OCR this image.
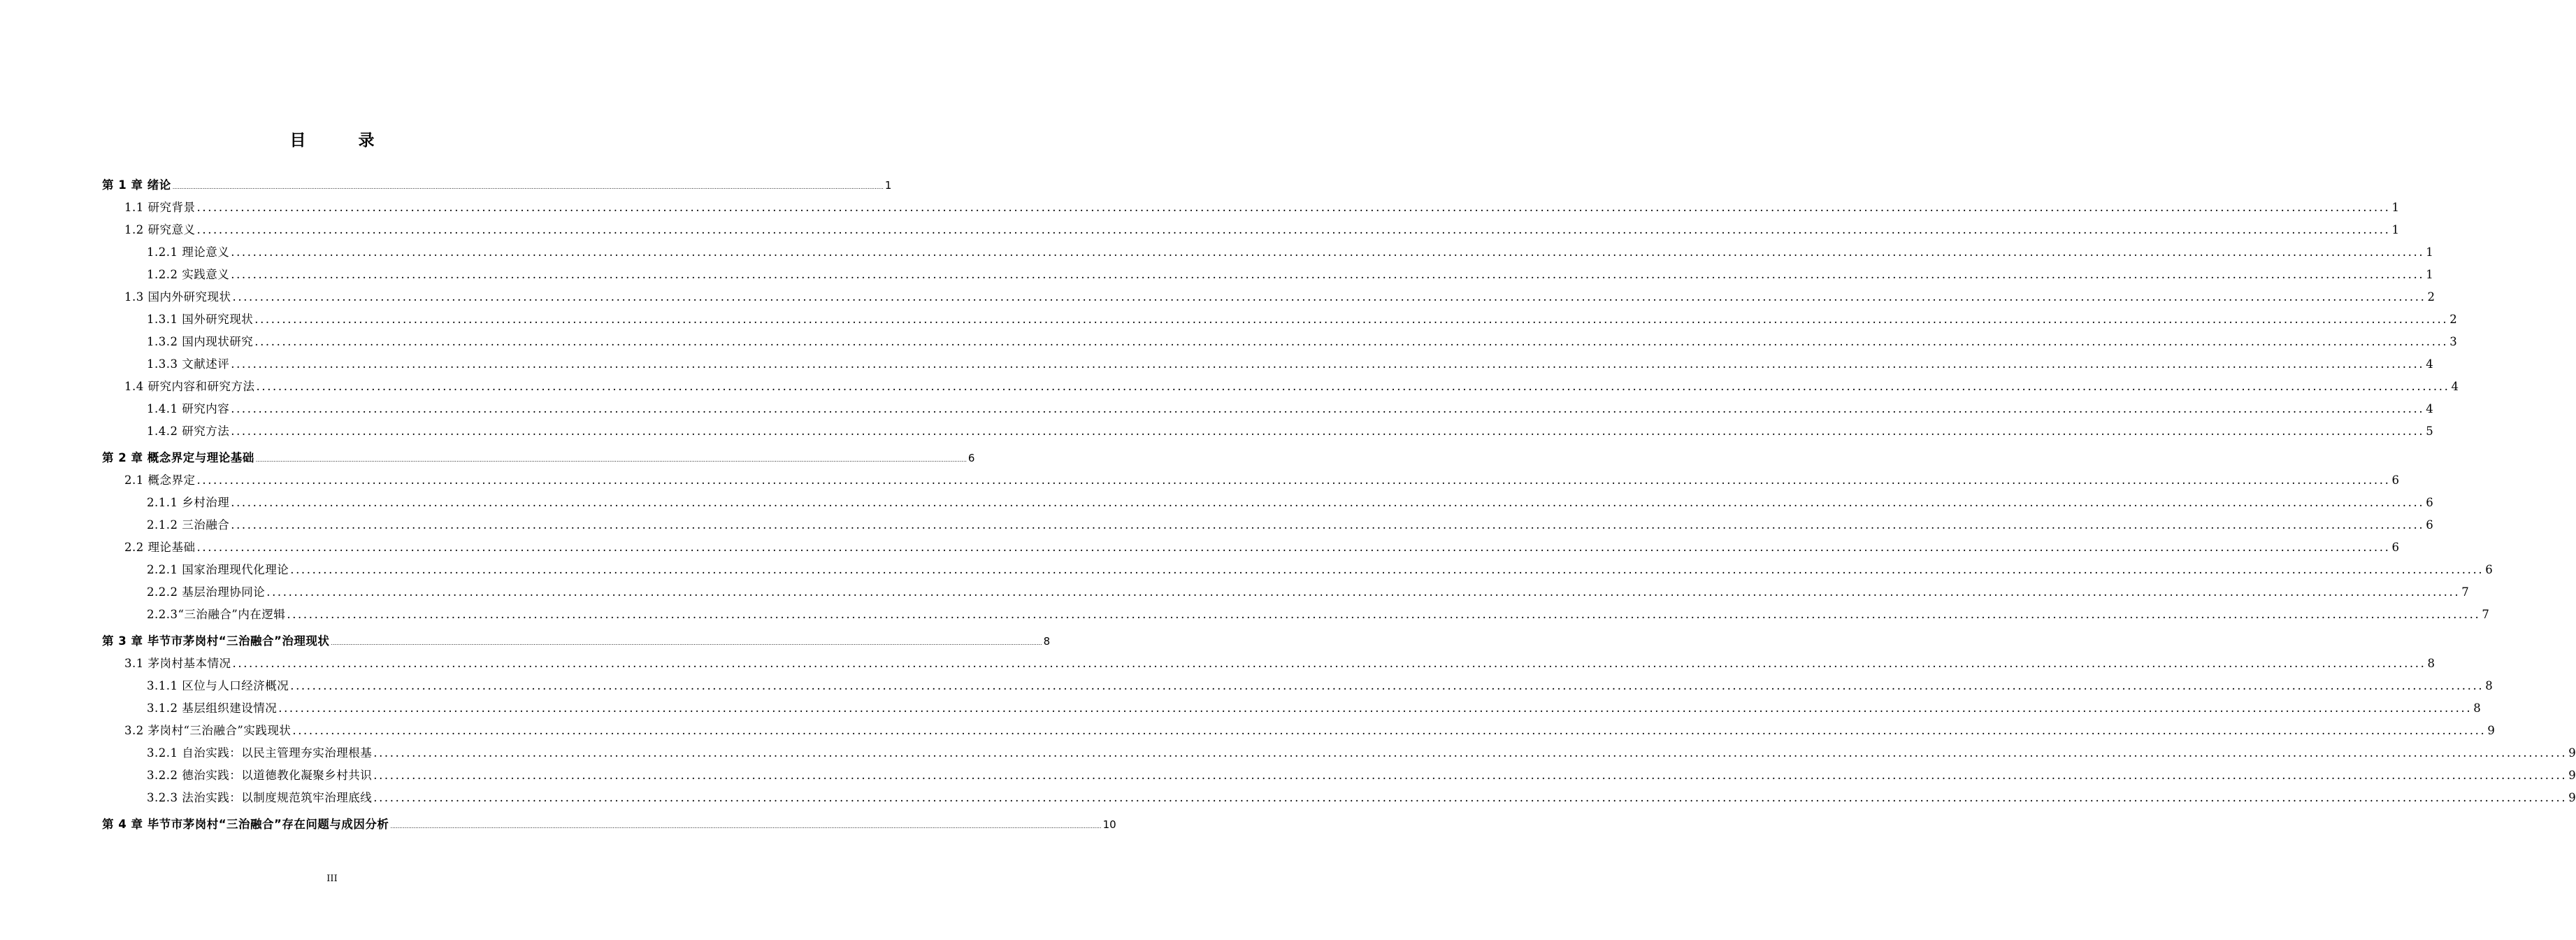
目　录
第 1 章 绪论 ................................................................................................................................................................................................................................................................................................................................................................................................................ 1
1.1 研究背景 ................................................................................................................................................................................................................................................................................................................................................................................................................ 1
1.2 研究意义 ................................................................................................................................................................................................................................................................................................................................................................................................................ 1
1.2.1 理论意义 ................................................................................................................................................................................................................................................................................................................................................................................................................ 1
1.2.2 实践意义 ................................................................................................................................................................................................................................................................................................................................................................................................................ 1
1.3 国内外研究现状 ................................................................................................................................................................................................................................................................................................................................................................................................................ 2
1.3.1 国外研究现状 ................................................................................................................................................................................................................................................................................................................................................................................................................ 2
1.3.2 国内现状研究 ................................................................................................................................................................................................................................................................................................................................................................................................................ 3
1.3.3 文献述评 ................................................................................................................................................................................................................................................................................................................................................................................................................ 4
1.4 研究内容和研究方法 ................................................................................................................................................................................................................................................................................................................................................................................................................ 4
1.4.1 研究内容 ................................................................................................................................................................................................................................................................................................................................................................................................................ 4
1.4.2 研究方法 ................................................................................................................................................................................................................................................................................................................................................................................................................ 5
第 2 章 概念界定与理论基础 ................................................................................................................................................................................................................................................................................................................................................................................................................ 6
2.1 概念界定 ................................................................................................................................................................................................................................................................................................................................................................................................................ 6
2.1.1 乡村治理 ................................................................................................................................................................................................................................................................................................................................................................................................................ 6
2.1.2 三治融合 ................................................................................................................................................................................................................................................................................................................................................................................................................ 6
2.2 理论基础 ................................................................................................................................................................................................................................................................................................................................................................................................................ 6
2.2.1 国家治理现代化理论 ................................................................................................................................................................................................................................................................................................................................................................................................................ 6
2.2.2 基层治理协同论 ................................................................................................................................................................................................................................................................................................................................................................................................................ 7
2.2.3“三治融合”内在逻辑 ................................................................................................................................................................................................................................................................................................................................................................................................................ 7
第 3 章 毕节市茅岗村“三治融合”治理现状 ................................................................................................................................................................................................................................................................................................................................................................................................................ 8
3.1 茅岗村基本情况 ................................................................................................................................................................................................................................................................................................................................................................................................................ 8
3.1.1 区位与人口经济概况 ................................................................................................................................................................................................................................................................................................................................................................................................................ 8
3.1.2 基层组织建设情况 ................................................................................................................................................................................................................................................................................................................................................................................................................ 8
3.2 茅岗村“三治融合”实践现状 ................................................................................................................................................................................................................................................................................................................................................................................................................ 9
3.2.1 自治实践：以民主管理夯实治理根基 ................................................................................................................................................................................................................................................................................................................................................................................................................ 9
3.2.2 德治实践：以道德教化凝聚乡村共识 ................................................................................................................................................................................................................................................................................................................................................................................................................ 9
3.2.3 法治实践：以制度规范筑牢治理底线 ................................................................................................................................................................................................................................................................................................................................................................................................................ 9
第 4 章 毕节市茅岗村“三治融合”存在问题与成因分析 ................................................................................................................................................................................................................................................................................................................................................................................................................ 10
III
